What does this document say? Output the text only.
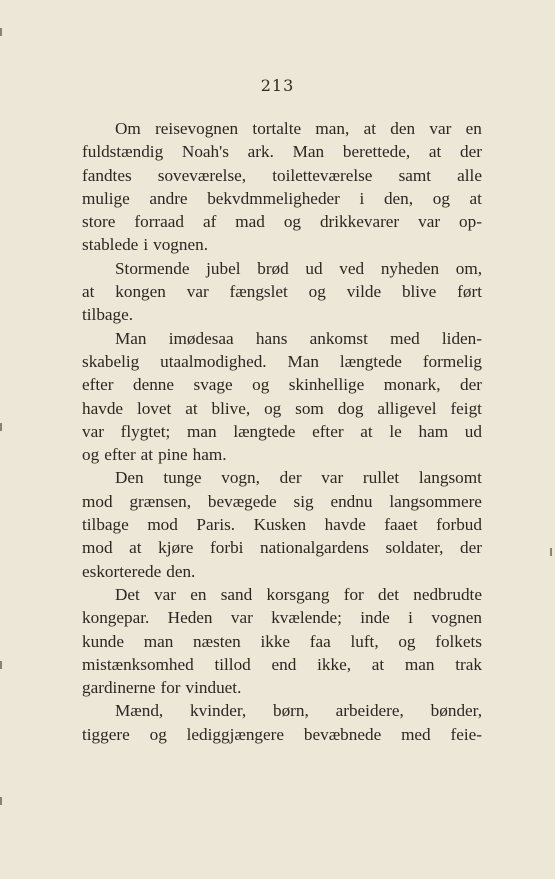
213
Om reisevognen tortalte man, at den var en
fuldstændig Noah's ark. Man berettede, at der
fandtes soveværelse, toiletteværelse samt alle
mulige andre bekvdmmeligheder i den, og at
store forraad af mad og drikkevarer var op-
stablede i vognen.
Stormende jubel brød ud ved nyheden om,
at kongen var fængslet og vilde blive ført
tilbage.
Man imødesaa hans ankomst med liden-
skabelig utaalmodighed. Man længtede formelig
efter denne svage og skinhellige monark, der
havde lovet at blive, og som dog alligevel feigt
var flygtet; man længtede efter at le ham ud
og efter at pine ham.
Den tunge vogn, der var rullet langsomt
mod grænsen, bevægede sig endnu langsommere
tilbage mod Paris. Kusken havde faaet forbud
mod at kjøre forbi nationalgardens soldater, der
eskorterede den.
Det var en sand korsgang for det nedbrudte
kongepar. Heden var kvælende; inde i vognen
kunde man næsten ikke faa luft, og folkets
mistænksomhed tillod end ikke, at man trak
gardinerne for vinduet.
Mænd, kvinder, børn, arbeidere, bønder,
tiggere og lediggjængere bevæbnede med feie-
